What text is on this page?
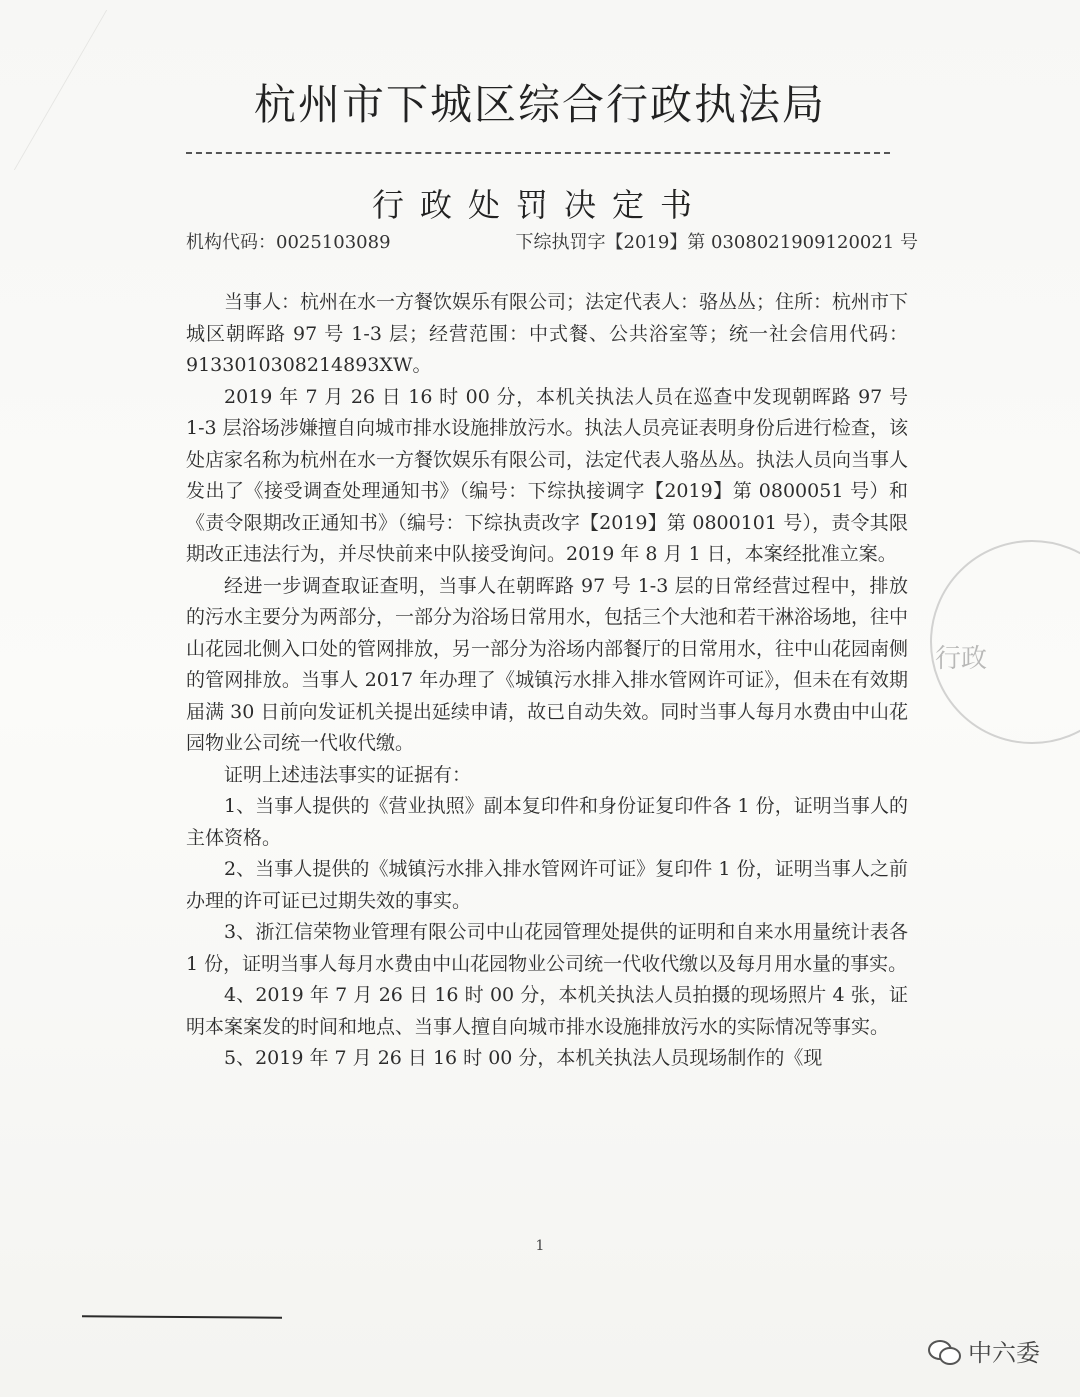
杭州市下城区综合行政执法局
行政处罚决定书
机构代码：0025103089	下综执罚字【2019】第 0308021909120021 号

当事人：杭州在水一方餐饮娱乐有限公司；法定代表人：骆丛丛；住所：杭州市下城区朝晖路 97 号 1-3 层；经营范围：中式餐、公共浴室等；统一社会信用代码：913301030821​4893XW。

2019 年 7 月 26 日 16 时 00 分，本机关执法人员在巡查中发现朝晖路 97 号 1-3 层浴场涉嫌擅自向城市排水设施排放污水。执法人员亮证表明身份后进行检查，该处店家名称为杭州在水一方餐饮娱乐有限公司，法定代表人骆丛丛。执法人员向当事人发出了《接受调查处理通知书》（编号：下综执接调字【2019】第 0800051 号）和《责令限期改正通知书》（编号：下综执责改字【2019】第 0800101 号），责令其限期改正违法行为，并尽快前来中队接受询问。2019 年 8 月 1 日，本案经批准立案。

经进一步调查取证查明，当事人在朝晖路 97 号 1-3 层的日常经营过程中，排放的污水主要分为两部分，一部分为浴场日常用水，包括三个大池和若干淋浴场地，往中山花园北侧入口处的管网排放，另一部分为浴场内部餐厅的日常用水，往中山花园南侧的管网排放。当事人 2017 年办理了《城镇污水排入排水管网许可证》，但未在有效期届满 30 日前向发证机关提出延续申请，故已自动失效。同时当事人每月水费由中山花园物业公司统一代收代缴。

证明上述违法事实的证据有：

1、当事人提供的《营业执照》副本复印件和身份证复印件各 1 份，证明当事人的主体资格。

2、当事人提供的《城镇污水排入排水管网许可证》复印件 1 份，证明当事人之前办理的许可证已过期失效的事实。

3、浙江信荣物业管理有限公司中山花园管理处提供的证明和自来水用量统计表各 1 份，证明当事人每月水费由中山花园物业公司统一代收代缴以及每月用水量的事实。

4、2019 年 7 月 26 日 16 时 00 分，本机关执法人员拍摄的现场照片 4 张，证明本案案发的时间和地点、当事人擅自向城市排水设施排放污水的实际情况等事实。

5、2019 年 7 月 26 日 16 时 00 分，本机关执法人员现场制作的《现

行政
1
中六委
